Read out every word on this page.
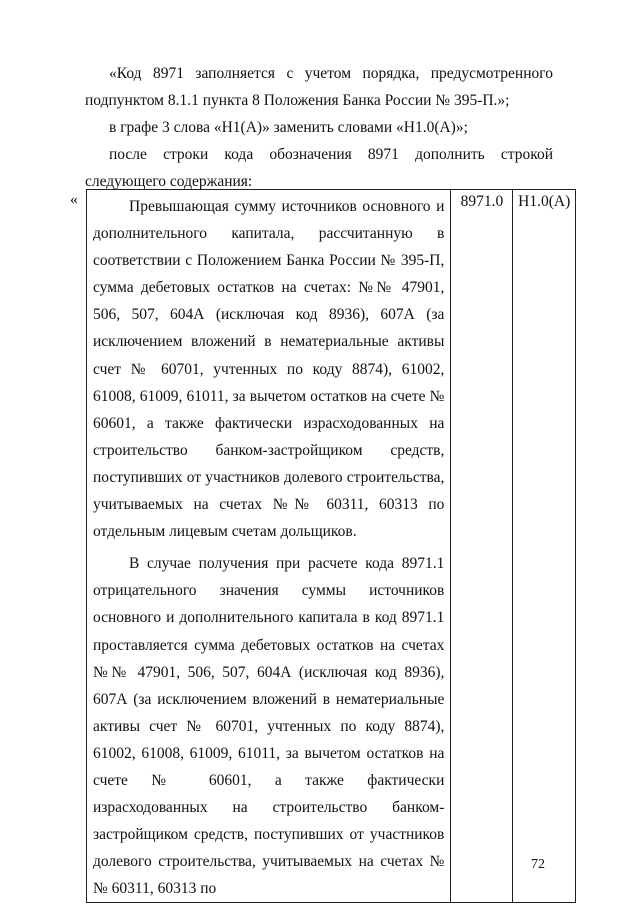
«Код 8971 заполняется с учетом порядка, предусмотренного подпунктом 8.1.1 пункта 8 Положения Банка России № 395-П.»;

в графе 3 слова «Н1(А)» заменить словами «Н1.0(А)»;

после строки кода обозначения 8971 дополнить строкой следующего содержания:

«	Превышающая сумму источников основного и дополнительного капитала, рассчитанную в соответствии с Положением Банка России № 395-П, сумма дебетовых остатков на счетах: №№ 47901, 506, 507, 604А (исключая код 8936), 607А (за исключением вложений в нематериальные активы счет № 60701, учтенных по коду 8874), 61002, 61008, 61009, 61011, за вычетом остатков на счете № 60601, а также фактически израсходованных на строительство банком-застройщиком средств, поступивших от участников долевого строительства, учитываемых на счетах №№ 60311, 60313 по отдельным лицевым счетам дольщиков.

В случае получения при расчете кода 8971.1 отрицательного значения суммы источников основного и дополнительного капитала в код 8971.1 проставляется сумма дебетовых остатков на счетах №№ 47901, 506, 507, 604А (исключая код 8936), 607А (за исключением вложений в нематериальные активы счет № 60701, учтенных по коду 8874), 61002, 61008, 61009, 61011, за вычетом остатков на счете № 60601, а также фактически израсходованных на строительство банком-застройщиком средств, поступивших от участников долевого строительства, учитываемых на счетах №№ 60311, 60313 по

	8971.0	Н1.0(А)
72
